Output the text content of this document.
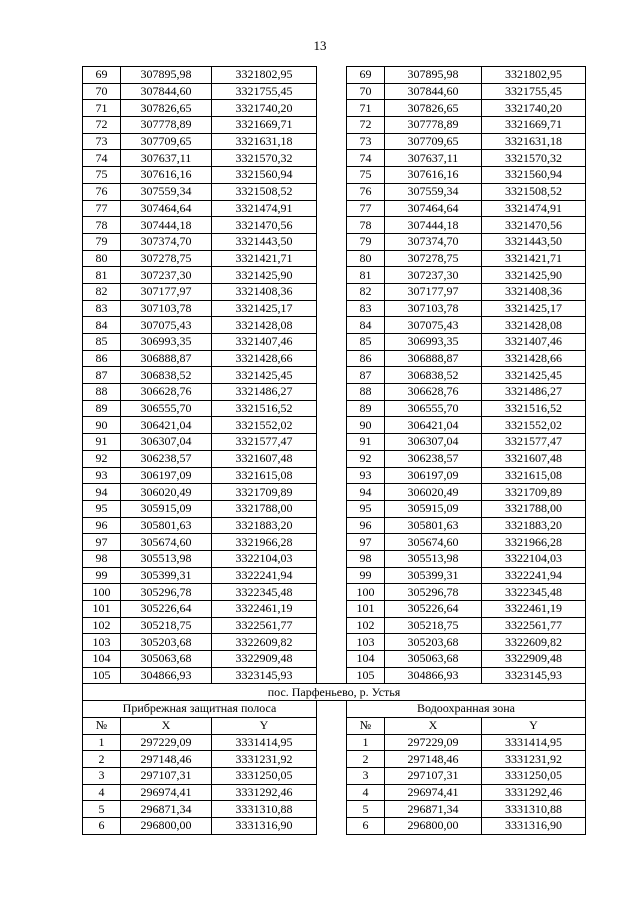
13
69	307895,98	3321802,95		69	307895,98	3321802,95
70	307844,60	3321755,45		70	307844,60	3321755,45
71	307826,65	3321740,20		71	307826,65	3321740,20
72	307778,89	3321669,71		72	307778,89	3321669,71
73	307709,65	3321631,18		73	307709,65	3321631,18
74	307637,11	3321570,32		74	307637,11	3321570,32
75	307616,16	3321560,94		75	307616,16	3321560,94
76	307559,34	3321508,52		76	307559,34	3321508,52
77	307464,64	3321474,91		77	307464,64	3321474,91
78	307444,18	3321470,56		78	307444,18	3321470,56
79	307374,70	3321443,50		79	307374,70	3321443,50
80	307278,75	3321421,71		80	307278,75	3321421,71
81	307237,30	3321425,90		81	307237,30	3321425,90
82	307177,97	3321408,36		82	307177,97	3321408,36
83	307103,78	3321425,17		83	307103,78	3321425,17
84	307075,43	3321428,08		84	307075,43	3321428,08
85	306993,35	3321407,46		85	306993,35	3321407,46
86	306888,87	3321428,66		86	306888,87	3321428,66
87	306838,52	3321425,45		87	306838,52	3321425,45
88	306628,76	3321486,27		88	306628,76	3321486,27
89	306555,70	3321516,52		89	306555,70	3321516,52
90	306421,04	3321552,02		90	306421,04	3321552,02
91	306307,04	3321577,47		91	306307,04	3321577,47
92	306238,57	3321607,48		92	306238,57	3321607,48
93	306197,09	3321615,08		93	306197,09	3321615,08
94	306020,49	3321709,89		94	306020,49	3321709,89
95	305915,09	3321788,00		95	305915,09	3321788,00
96	305801,63	3321883,20		96	305801,63	3321883,20
97	305674,60	3321966,28		97	305674,60	3321966,28
98	305513,98	3322104,03		98	305513,98	3322104,03
99	305399,31	3322241,94		99	305399,31	3322241,94
100	305296,78	3322345,48		100	305296,78	3322345,48
101	305226,64	3322461,19		101	305226,64	3322461,19
102	305218,75	3322561,77		102	305218,75	3322561,77
103	305203,68	3322609,82		103	305203,68	3322609,82
104	305063,68	3322909,48		104	305063,68	3322909,48
105	304866,93	3323145,93		105	304866,93	3323145,93
пос. Парфеньево, р. Устья						
Прибрежная защитная полоса				Водоохранная зона		
№	X	Y		№	X	Y
1	297229,09	3331414,95		1	297229,09	3331414,95
2	297148,46	3331231,92		2	297148,46	3331231,92
3	297107,31	3331250,05		3	297107,31	3331250,05
4	296974,41	3331292,46		4	296974,41	3331292,46
5	296871,34	3331310,88		5	296871,34	3331310,88
6	296800,00	3331316,90		6	296800,00	3331316,90
